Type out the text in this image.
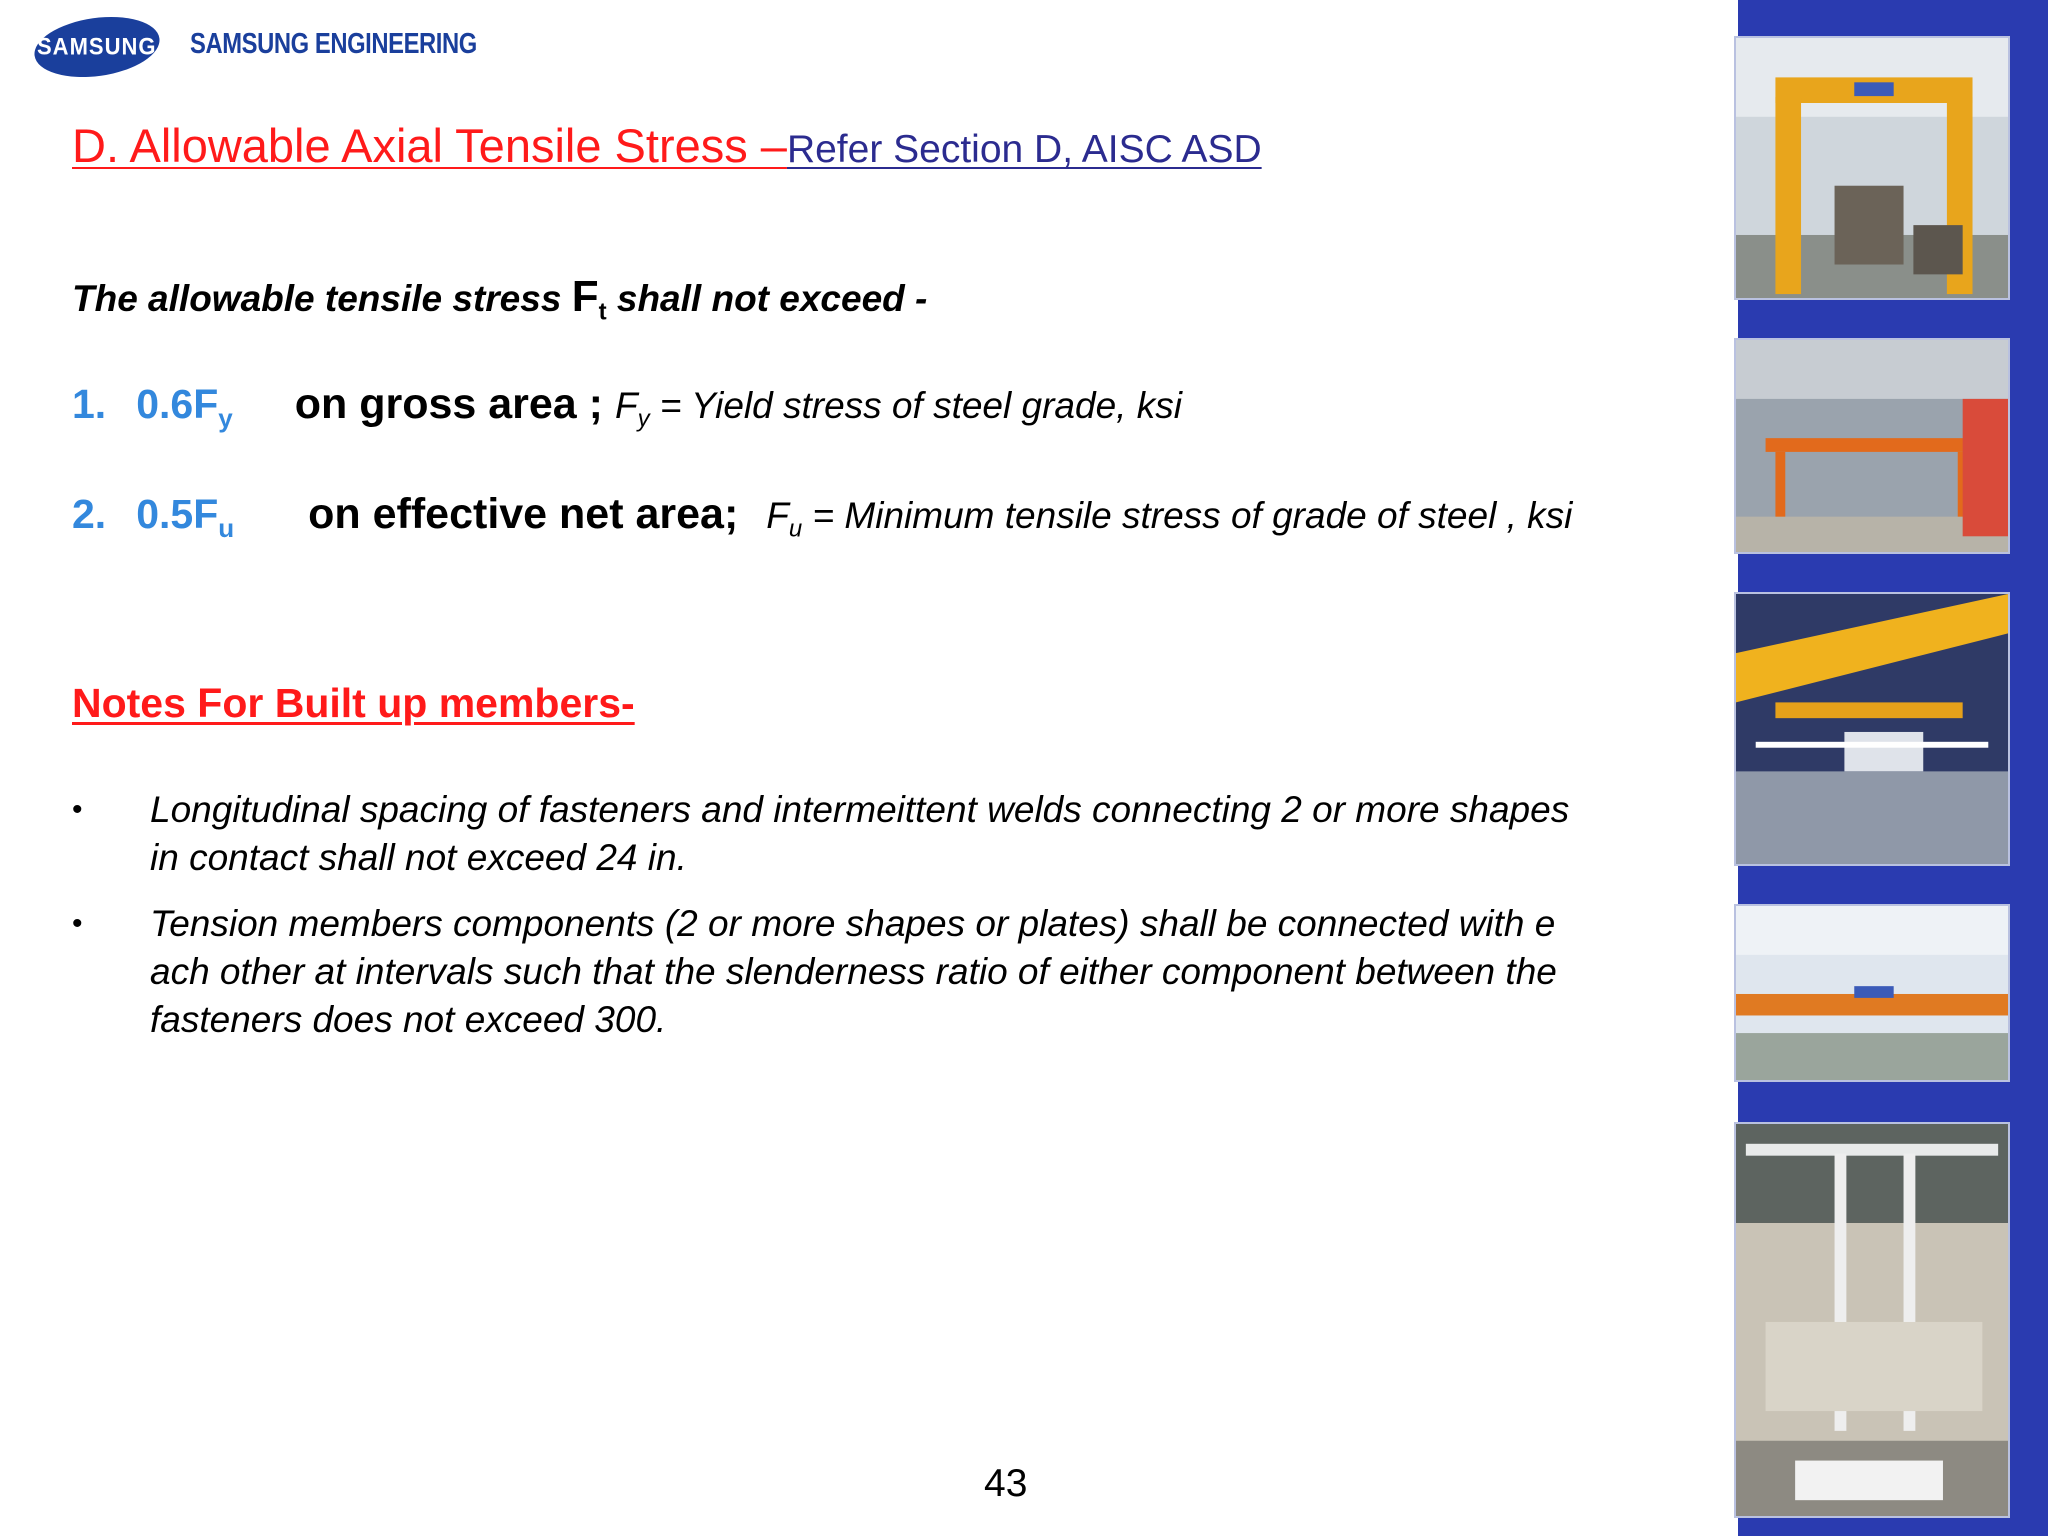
SAMSUNG SAMSUNG ENGINEERING
D. Allowable Axial Tensile Stress –Refer Section D, AISC ASD
The allowable tensile stress $F_t$ shall not exceed -
1. $0.6F_y$ on gross area ; $F_y$ = Yield stress of steel grade, ksi
2. $0.5F_u$ on effective net area; $F_u$ = Minimum tensile stress of grade of steel , ksi
Notes For Built up members-
• Longitudinal spacing of fasteners and intermeittent welds connecting 2 or more shapes
in contact shall not exceed 24 in.
• Tension members components (2 or more shapes or plates) shall be connected with e
ach other at intervals such that the slenderness ratio of either component between the
fasteners does not exceed 300.
43
